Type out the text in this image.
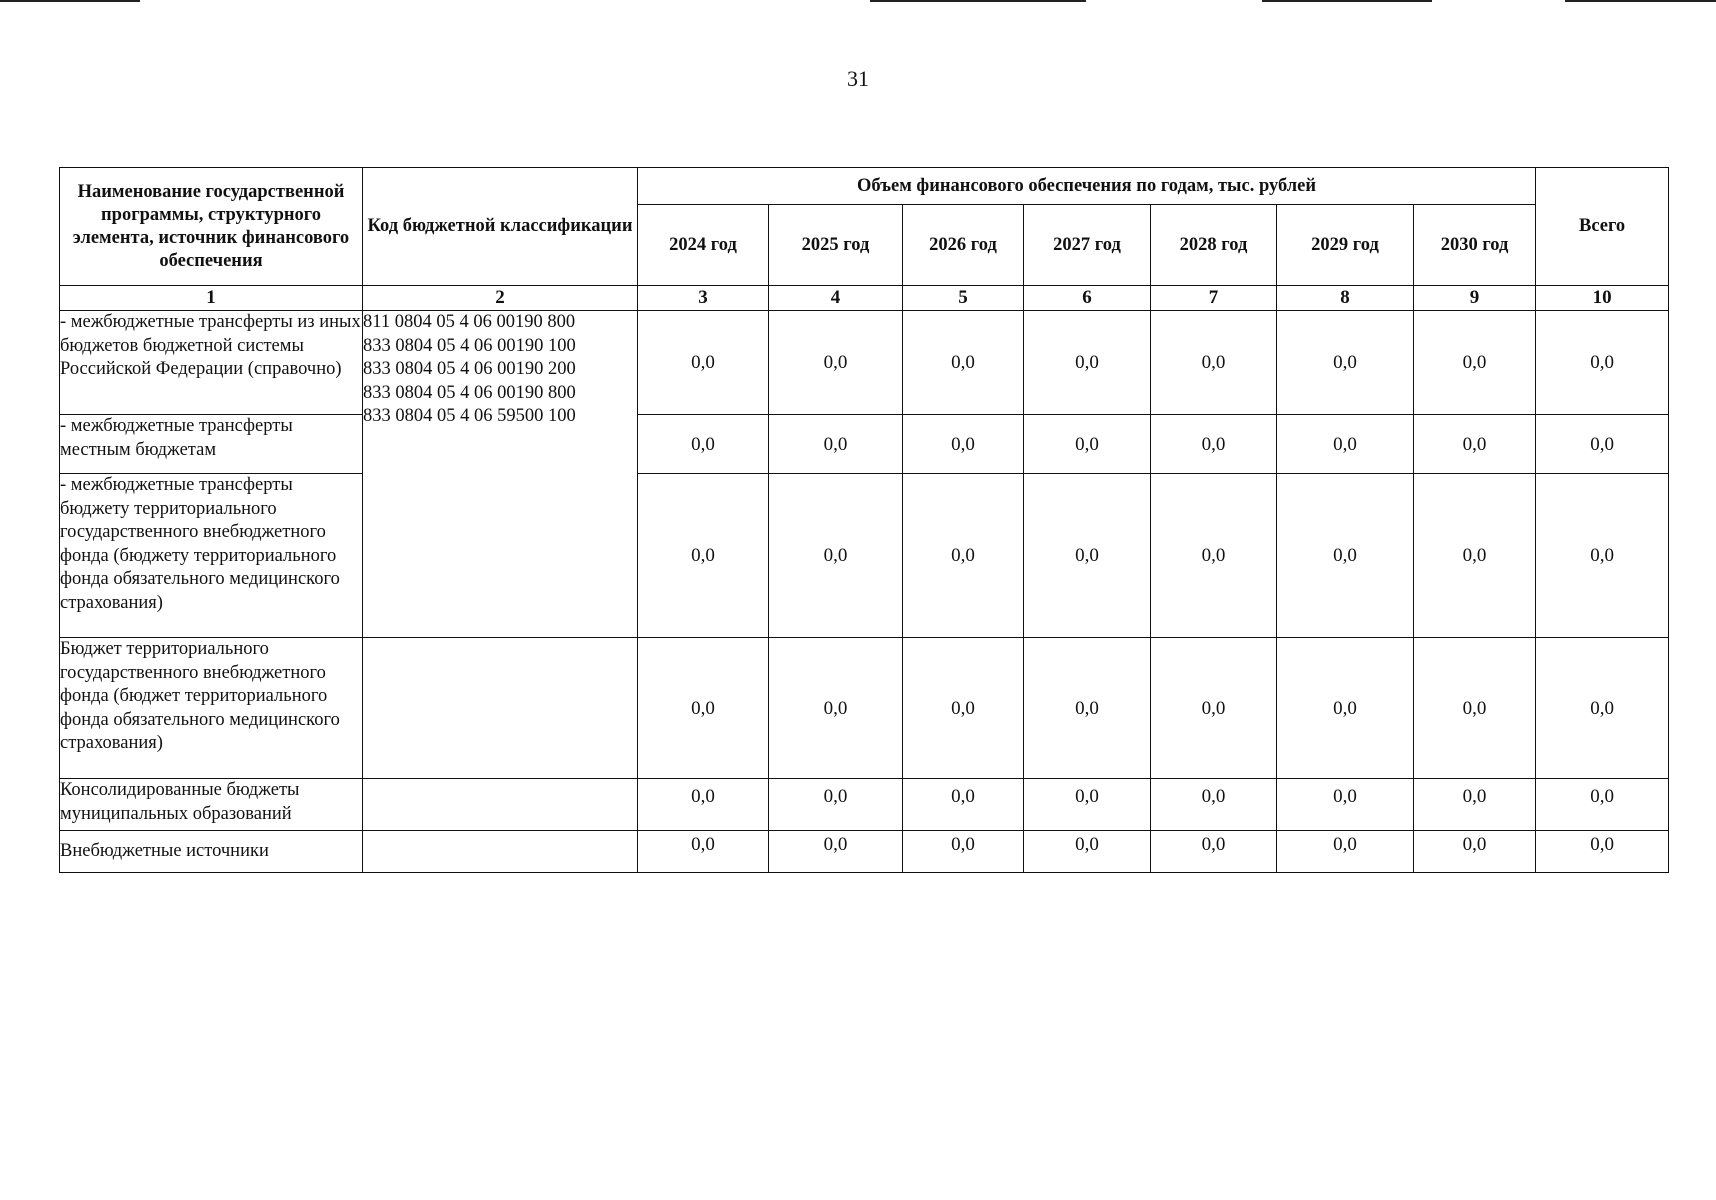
31
Наименование государственной программы, структурного элемента, источник финансового обеспечения	Код бюджетной классификации	Объем финансового обеспечения по годам, тыс. рублей							Всего
		2024 год	2025 год	2026 год	2027 год	2028 год	2029 год	2030 год	
1	2	3	4	5	6	7	8	9	10
- межбюджетные трансферты из иных бюджетов бюджетной системы Российской Федерации (справочно)	811 0804 05 4 06 00190 800
833 0804 05 4 06 00190 100
833 0804 05 4 06 00190 200
833 0804 05 4 06 00190 800
833 0804 05 4 06 59500 100	0,0	0,0	0,0	0,0	0,0	0,0	0,0	0,0
- межбюджетные трансферты местным бюджетам		0,0	0,0	0,0	0,0	0,0	0,0	0,0	0,0
- межбюджетные трансферты бюджету территориального государственного внебюджетного фонда (бюджету территориального фонда обязательного медицинского страхования)		0,0	0,0	0,0	0,0	0,0	0,0	0,0	0,0
Бюджет территориального государственного внебюджетного фонда (бюджет территориального фонда обязательного медицинского страхования)		0,0	0,0	0,0	0,0	0,0	0,0	0,0	0,0
Консолидированные бюджеты муниципальных образований		0,0	0,0	0,0	0,0	0,0	0,0	0,0	0,0
Внебюджетные источники		0,0	0,0	0,0	0,0	0,0	0,0	0,0	0,0
